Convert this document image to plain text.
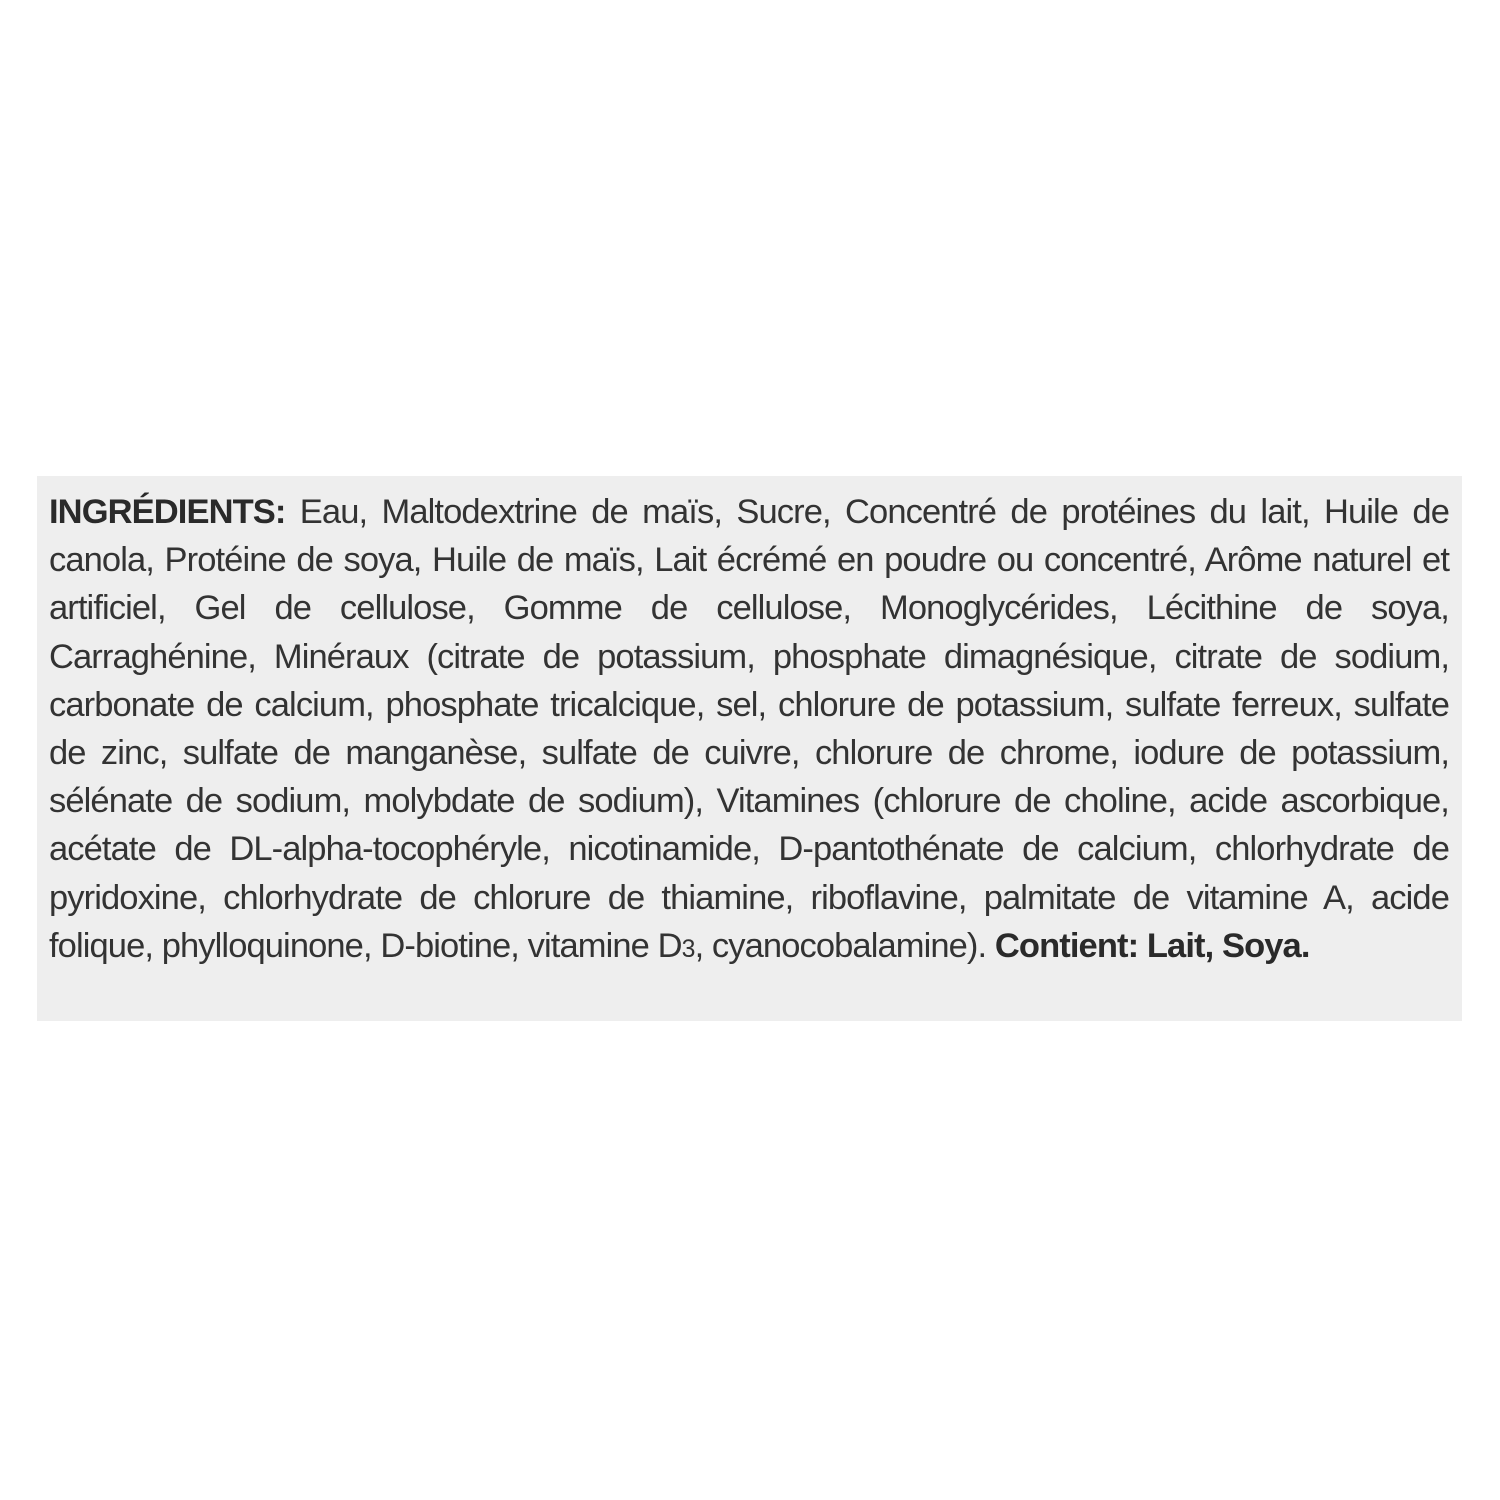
INGRÉDIENTS: Eau, Maltodextrine de maïs, Sucre, Concentré de protéines du lait, Huile de canola, Protéine de soya, Huile de maïs, Lait écrémé en poudre ou concentré, Arôme naturel et artificiel, Gel de cellulose, Gomme de cellulose, Monoglycérides, Lécithine de soya, Carraghénine, Minéraux (citrate de potassium, phosphate dimagnésique, citrate de sodium, carbonate de calcium, phosphate tricalcique, sel, chlorure de potassium, sulfate ferreux, sulfate de zinc, sulfate de manganèse, sulfate de cuivre, chlorure de chrome, iodure de potassium, sélénate de sodium, molybdate de sodium), Vitamines (chlorure de choline, acide ascorbique, acétate de DL-alpha-tocophéryle, nicotinamide, D-pantothénate de calcium, chlorhydrate de pyridoxine, chlorhydrate de chlorure de thiamine, riboflavine, palmitate de vitamine A, acide folique, phylloquinone, D-biotine, vitamine D3, cyanocobalamine). Contient: Lait, Soya.
